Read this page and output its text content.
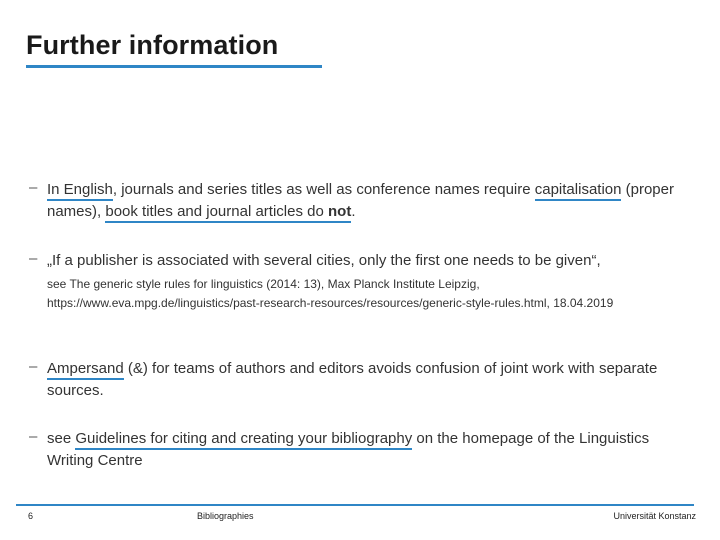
Further information
– In English, journals and series titles as well as conference names require capitalisation (proper names), book titles and journal articles do not.
– „If a publisher is associated with several cities, only the first one needs to be given“,
see The generic style rules for linguistics (2014: 13), Max Planck Institute Leipzig, https://www.eva.mpg.de/linguistics/past-research-resources/resources/generic-style-rules.html, 18.04.2019
– Ampersand (&) for teams of authors and editors avoids confusion of joint work with separate sources.
– see Guidelines for citing and creating your bibliography on the homepage of the Linguistics Writing Centre
6	Bibliographies	Universität Konstanz
